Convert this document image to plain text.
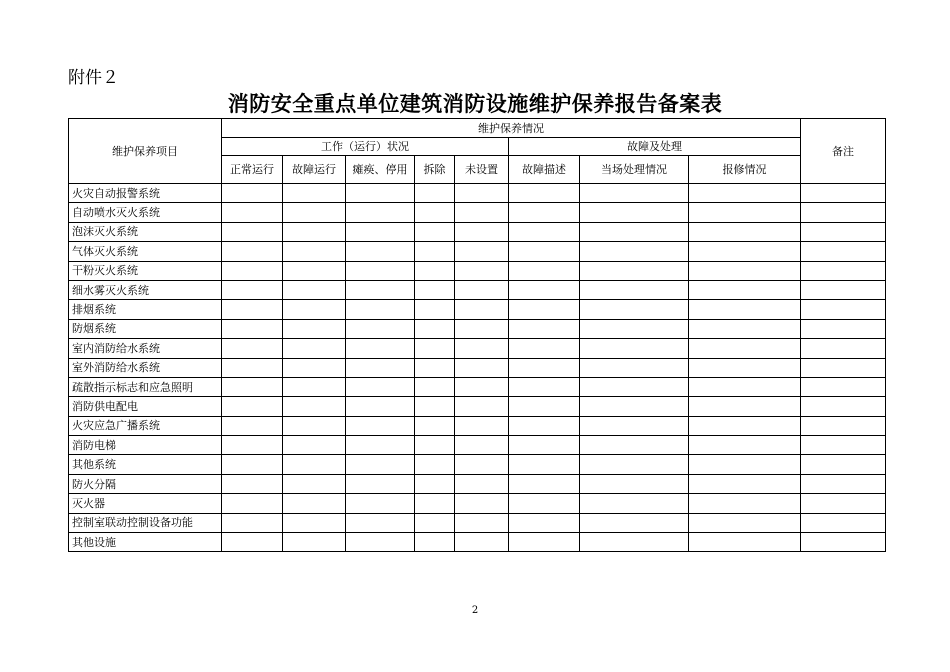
附件２
消防安全重点单位建筑消防设施维护保养报告备案表
维护保养项目	维护保养情况								备注
	工作（运行）状况					故障及处理			
	正常运行	故障运行	瘫痪、停用	拆除	未设置	故障描述	当场处理情况	报修情况	
火灾自动报警系统									
自动喷水灭火系统									
泡沫灭火系统									
气体灭火系统									
干粉灭火系统									
细水雾灭火系统									
排烟系统									
防烟系统									
室内消防给水系统									
室外消防给水系统									
疏散指示标志和应急照明									
消防供电配电									
火灾应急广播系统									
消防电梯									
其他系统									
防火分隔									
灭火器									
控制室联动控制设备功能									
其他设施									
2
